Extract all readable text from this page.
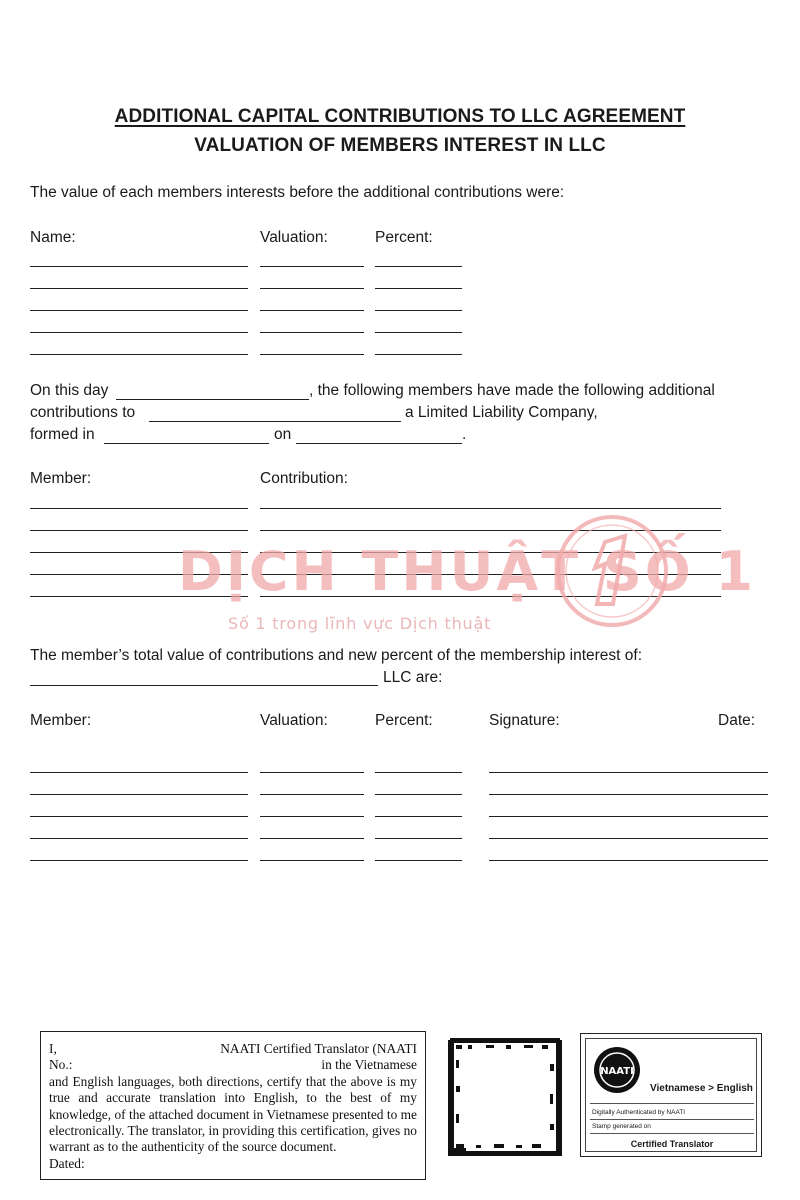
ADDITIONAL CAPITAL CONTRIBUTIONS TO LLC AGREEMENT
VALUATION OF MEMBERS INTEREST IN LLC
The value of each members interests before the additional contributions were:
Name:	Valuation:	Percent:
On this day	, the following members have made the following additional
contributions to	a Limited Liability Company,
formed in	on	.
Member:	Contribution:
DỊCH THUẬT SỐ 1
Số 1 trong lĩnh vực Dịch thuật
The member’s total value of contributions and new percent of the membership interest of:
LLC are:
Member:	Valuation:	Percent:	Signature:	Date:
I,	NAATI Certified Translator (NAATI
No.:	in the Vietnamese

and English languages, both directions, certify that the above is my true and accurate translation into English, to the best of my knowledge, of the attached document in Vietnamese presented to me electronically. The translator, in providing this certification, gives no warrant as to the authenticity of the source document.

Dated:
NAATI
Vietnamese > English
Digitally Authenticated by NAATI
Stamp generated on
Certified Translator
